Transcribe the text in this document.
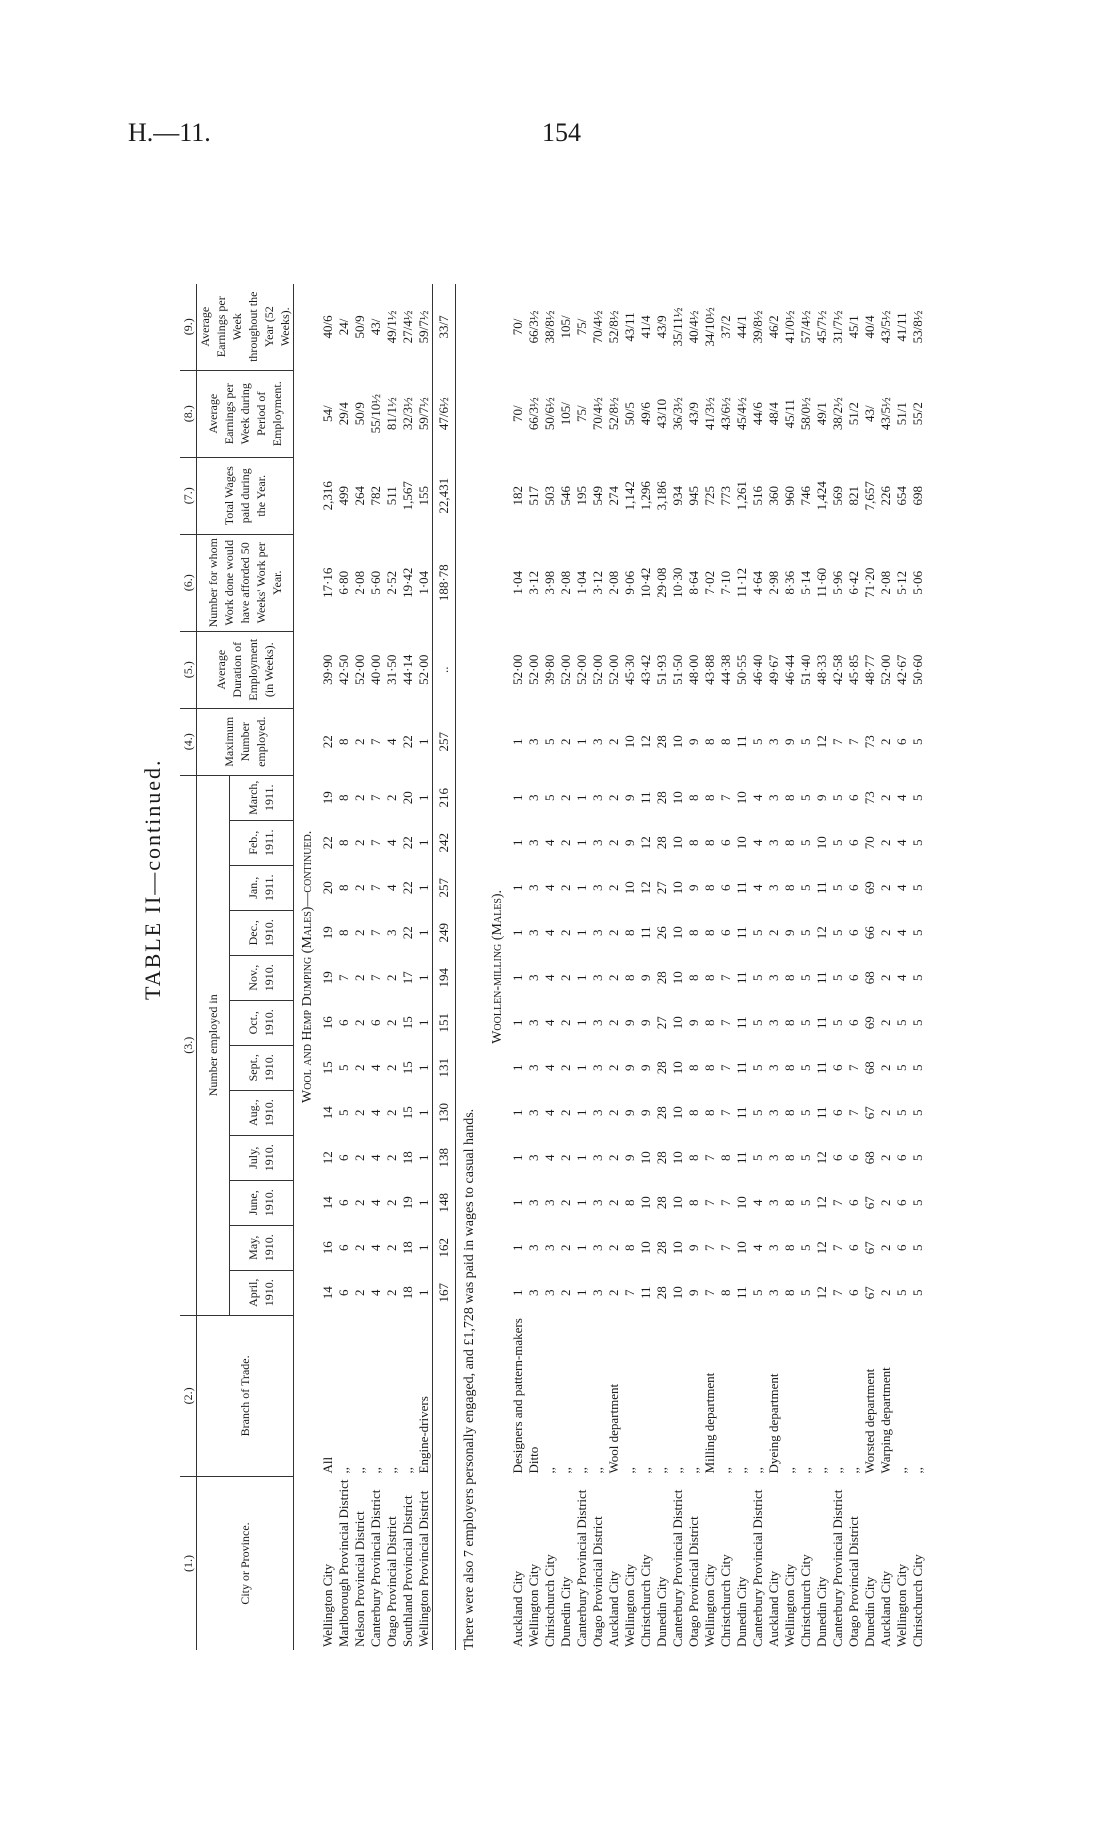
H.—11.	154
TABLE II—continued.
(1.)	(2.)	(3.)												(4.)	(5.)	(6.)	(7.)	(8.)	(9.)
City or Province.	Branch of Trade.	Number employed in												Maximum Number employed.	Average Duration of Employment (in Weeks).	Number for whom Work done would have afforded 50 Weeks' Work per Year.	Total Wages paid during the Year.	Average Earnings per Week during Period of Employment.	Average Earnings per Week throughout the Year (52 Weeks).
		April, 1910.	May, 1910.	June, 1910.	July, 1910.	Aug., 1910.	Sept., 1910.	Oct., 1910.	Nov., 1910.	Dec., 1910.	Jan., 1911.	Feb., 1911.	March, 1911.						
Wool and Hemp Dumping (Males)—continued.																			
Wellington City	All	14	16	14	12	14	15	16	19	19	20	22	19	22	39·90	17·16	2,316	54/	40/6
Marlborough Provincial District	,,	6	6	6	6	5	5	6	7	8	8	8	8	8	42·50	6·80	499	29/4	24/
Nelson Provincial District	,,	2	2	2	2	2	2	2	2	2	2	2	2	2	52·00	2·08	264	50/9	50/9
Canterbury Provincial District	,,	4	4	4	4	4	4	6	7	7	7	7	7	7	40·00	5·60	782	55/10½	43/
Otago Provincial District	,,	2	2	2	2	2	2	2	2	3	4	4	2	4	31·50	2·52	511	81/1½	49/1½
Southland Provincial District	,,	18	18	19	18	15	15	15	17	22	22	22	20	22	44·14	19·42	1,567	32/3½	27/4½
Wellington Provincial District	Engine-drivers	1	1	1	1	1	1	1	1	1	1	1	1	1	52·00	1·04	155	59/7½	59/7½
		167	162	148	138	130	131	151	194	249	257	242	216	257	..	188·78	22,431	47/6½	33/7
There were also 7 employers personally engaged, and £1,728 was paid in wages to casual hands.																			
Woollen-milling (Males).																			
Auckland City	Designers and pattern-makers	1	1	1	1	1	1	1	1	1	1	1	1	1	52·00	1·04	182	70/	70/
Wellington City	Ditto	3	3	3	3	3	3	3	3	3	3	3	3	3	52·00	3·12	517	66/3½	66/3½
Christchurch City	,,	3	3	3	4	4	4	4	4	4	4	4	5	5	39·80	3·98	503	50/6½	38/8½
Dunedin City	,,	2	2	2	2	2	2	2	2	2	2	2	2	2	52·00	2·08	546	105/	105/
Canterbury Provincial District	,,	1	1	1	1	1	1	1	1	1	1	1	1	1	52·00	1·04	195	75/	75/
Otago Provincial District	,,	3	3	3	3	3	3	3	3	3	3	3	3	3	52·00	3·12	549	70/4½	70/4½
Auckland City	Wool department	2	2	2	2	2	2	2	2	2	2	2	2	2	52·00	2·08	274	52/8½	52/8½
Wellington City	,,	7	8	8	9	9	9	9	8	8	10	9	9	10	45·30	9·06	1,142	50/5	43/11
Christchurch City	,,	11	10	10	10	9	9	9	9	11	12	12	11	12	43·42	10·42	1,296	49/6	41/4
Dunedin City	,,	28	28	28	28	28	28	27	28	26	27	28	28	28	51·93	29·08	3,186	43/10	43/9
Canterbury Provincial District	,,	10	10	10	10	10	10	10	10	10	10	10	10	10	51·50	10·30	934	36/3½	35/11½
Otago Provincial District	,,	9	9	8	8	8	8	9	8	8	9	8	8	9	48·00	8·64	945	43/9	40/4½
Wellington City	Milling department	7	7	7	7	8	8	8	8	8	8	8	8	8	43·88	7·02	725	41/3½	34/10½
Christchurch City	,,	8	7	7	8	7	7	7	7	6	6	6	7	8	44·38	7·10	773	43/6½	37/2
Dunedin City	,,	11	10	10	11	11	11	11	11	11	11	10	10	11	50·55	11·12	1,261	45/4½	44/1
Canterbury Provincial District	,,	5	4	4	5	5	5	5	5	5	4	4	4	5	46·40	4·64	516	44/6	39/8½
Auckland City	Dyeing department	3	3	3	3	3	3	3	3	2	3	3	3	3	49·67	2·98	360	48/4	46/2
Wellington City	,,	8	8	8	8	8	8	8	8	9	8	8	8	9	46·44	8·36	960	45/11	41/0½
Christchurch City	,,	5	5	5	5	5	5	5	5	5	5	5	5	5	51·40	5·14	746	58/0½	57/4½
Dunedin City	,,	12	12	12	12	11	11	11	11	12	11	10	9	12	48·33	11·60	1,424	49/1	45/7½
Canterbury Provincial District	,,	7	7	7	6	6	6	5	5	5	5	5	5	7	42·58	5·96	569	38/2½	31/7½
Otago Provincial District	,,	6	6	6	6	7	7	6	6	6	6	6	6	7	45·85	6·42	821	51/2	45/1
Dunedin City	Worsted department	67	67	67	68	67	68	69	68	66	69	70	73	73	48·77	71·20	7,657	43/	40/4
Auckland City	Warping department	2	2	2	2	2	2	2	2	2	2	2	2	2	52·00	2·08	226	43/5½	43/5½
Wellington City	,,	5	6	6	6	5	5	5	4	4	4	4	4	6	42·67	5·12	654	51/1	41/11
Christchurch City	,,	5	5	5	5	5	5	5	5	5	5	5	5	5	50·60	5·06	698	55/2	53/8½
